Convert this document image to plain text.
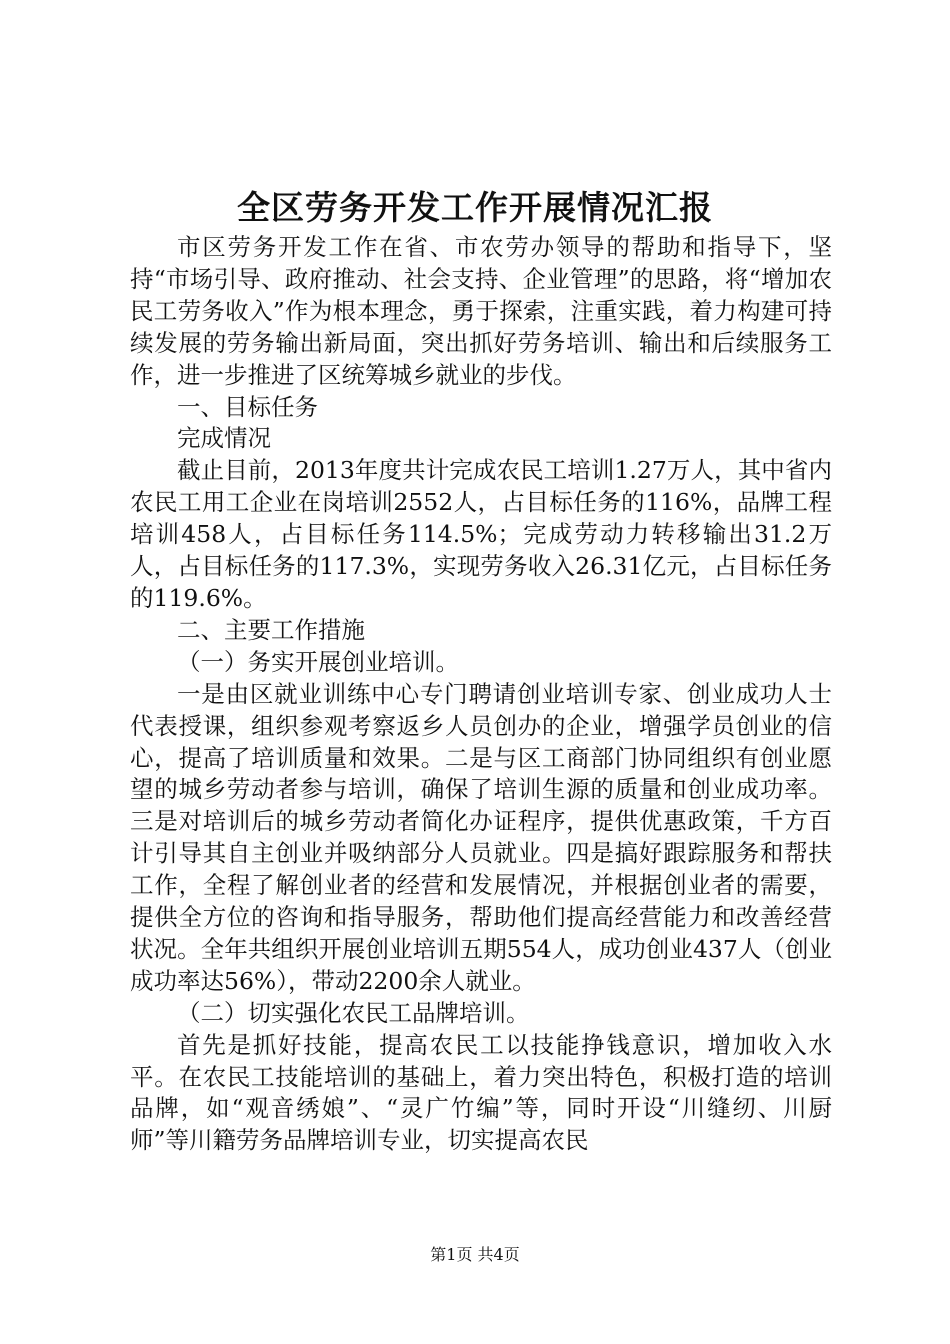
全区劳务开发工作开展情况汇报

市区劳务开发工作在省、市农劳办领导的帮助和指导下，坚持“市场引导、政府推动、社会支持、企业管理”的思路，将“增加农民工劳务收入”作为根本理念，勇于探索，注重实践，着力构建可持续发展的劳务输出新局面，突出抓好劳务培训、输出和后续服务工作，进一步推进了区统筹城乡就业的步伐。

一、目标任务

完成情况

截止目前，2013年度共计完成农民工培训1.27万人，其中省内农民工用工企业在岗培训2552人，占目标任务的116%，品牌工程培训458人，占目标任务114.5%；完成劳动力转移输出31.2万人，占目标任务的117.3%，实现劳务收入26.31亿元，占目标任务的119.6%。

二、主要工作措施

（一）务实开展创业培训。

一是由区就业训练中心专门聘请创业培训专家、创业成功人士代表授课，组织参观考察返乡人员创办的企业，增强学员创业的信心，提高了培训质量和效果。二是与区工商部门协同组织有创业愿望的城乡劳动者参与培训，确保了培训生源的质量和创业成功率。三是对培训后的城乡劳动者简化办证程序，提供优惠政策，千方百计引导其自主创业并吸纳部分人员就业。四是搞好跟踪服务和帮扶工作，全程了解创业者的经营和发展情况，并根据创业者的需要，提供全方位的咨询和指导服务，帮助他们提高经营能力和改善经营状况。全年共组织开展创业培训五期554人，成功创业437人（创业成功率达56%），带动2200余人就业。

（二）切实强化农民工品牌培训。

首先是抓好技能，提高农民工以技能挣钱意识，增加收入水平。在农民工技能培训的基础上，着力突出特色，积极打造的培训品牌，如“观音绣娘”、“灵广竹编”等，同时开设“川缝纫、川厨师”等川籍劳务品牌培训专业，切实提高农民

第1页 共4页
